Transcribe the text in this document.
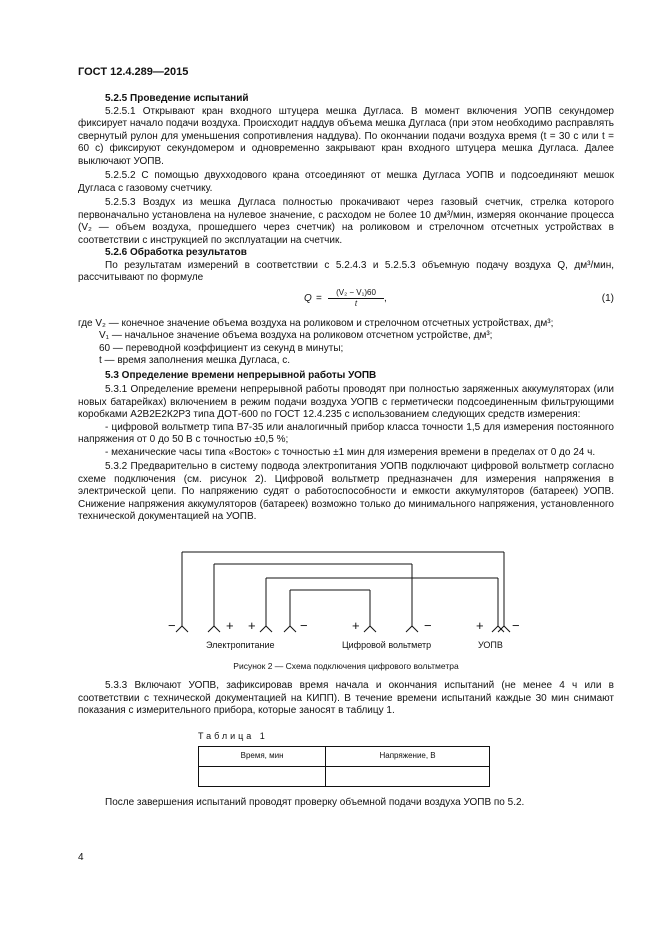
ГОСТ 12.4.289—2015

5.2.5 Проведение испытаний

5.2.5.1 Открывают кран входного штуцера мешка Дугласа. В момент включения УОПВ секундомер фиксирует начало подачи воздуха. Происходит наддув объема мешка Дугласа (при этом необходимо расправлять свернутый рулон для уменьшения сопротивления наддува). По окончании подачи воздуха время (t = 30 с или t = 60 с) фиксируют секундомером и одновременно закрывают кран входного штуцера мешка Дугласа. Далее выключают УОПВ.

5.2.5.2 С помощью двухходового крана отсоединяют от мешка Дугласа УОПВ и подсоединяют мешок Дугласа с газовому счетчику.

5.2.5.3 Воздух из мешка Дугласа полностью прокачивают через газовый счетчик, стрелка которого первоначально установлена на нулевое значение, с расходом не более 10 дм³/мин, измеряя окончание процесса (V₂ — объем воздуха, прошедшего через счетчик) на роликовом и стрелочном отсчетных устройствах в соответствии с инструкцией по эксплуатации на счетчик.

5.2.6 Обработка результатов

По результатам измерений в соответствии с 5.2.4.3 и 5.2.5.3 объемную подачу воздуха Q, дм³/мин, рассчитывают по формуле

$Q = \frac{\text{(V₂ − V₁)60}}{t}$ ,	(1)
где V₂ — конечное значение объема воздуха на роликовом и стрелочном отсчетных устройствах, дм³;
V₁ — начальное значение объема воздуха на роликовом отсчетном устройстве, дм³;
60 — переводной коэффициент из секунд в минуты;
t — время заполнения мешка Дугласа, с.

5.3 Определение времени непрерывной работы УОПВ

5.3.1 Определение времени непрерывной работы проводят при полностью заряженных аккумуляторах (или новых батарейках) включением в режим подачи воздуха УОПВ с герметически подсоединенным фильтрующими коробками А2В2Е2К2Р3 типа ДОТ-600 по ГОСТ 12.4.235 с использованием следующих средств измерения:

- цифровой вольтметр типа В7-35 или аналогичный прибор класса точности 1,5 для измерения постоянного напряжения от 0 до 50 В с точностью ±0,5 %;

- механические часы типа «Восток» с точностью ±1 мин для измерения времени в пределах от 0 до 24 ч.

5.3.2 Предварительно в систему подвода электропитания УОПВ подключают цифровой вольтметр согласно схеме подключения (см. рисунок 2). Цифровой вольтметр предназначен для измерения напряжения в электрической цепи. По напряжению судят о работоспособности и емкости аккумуляторов (батареек) УОПВ. Снижение напряжения аккумуляторов (батареек) возможно только до минимального напряжения, установленного технической документацией на УОПВ.

−	+ +	−	+	−	+ −
Электропитание	Цифровой вольтметр	УОПВ
Рисунок 2 — Схема подключения цифрового вольтметра

5.3.3 Включают УОПВ, зафиксировав время начала и окончания испытаний (не менее 4 ч или в соответствии с технической документацией на КИПП). В течение времени испытаний каждые 30 мин снимают показания с измерительного прибора, которые заносят в таблицу 1.

Таблица 1
Время, мин	Напряжение, В

После завершения испытаний проводят проверку объемной подачи воздуха УОПВ по 5.2.

4
